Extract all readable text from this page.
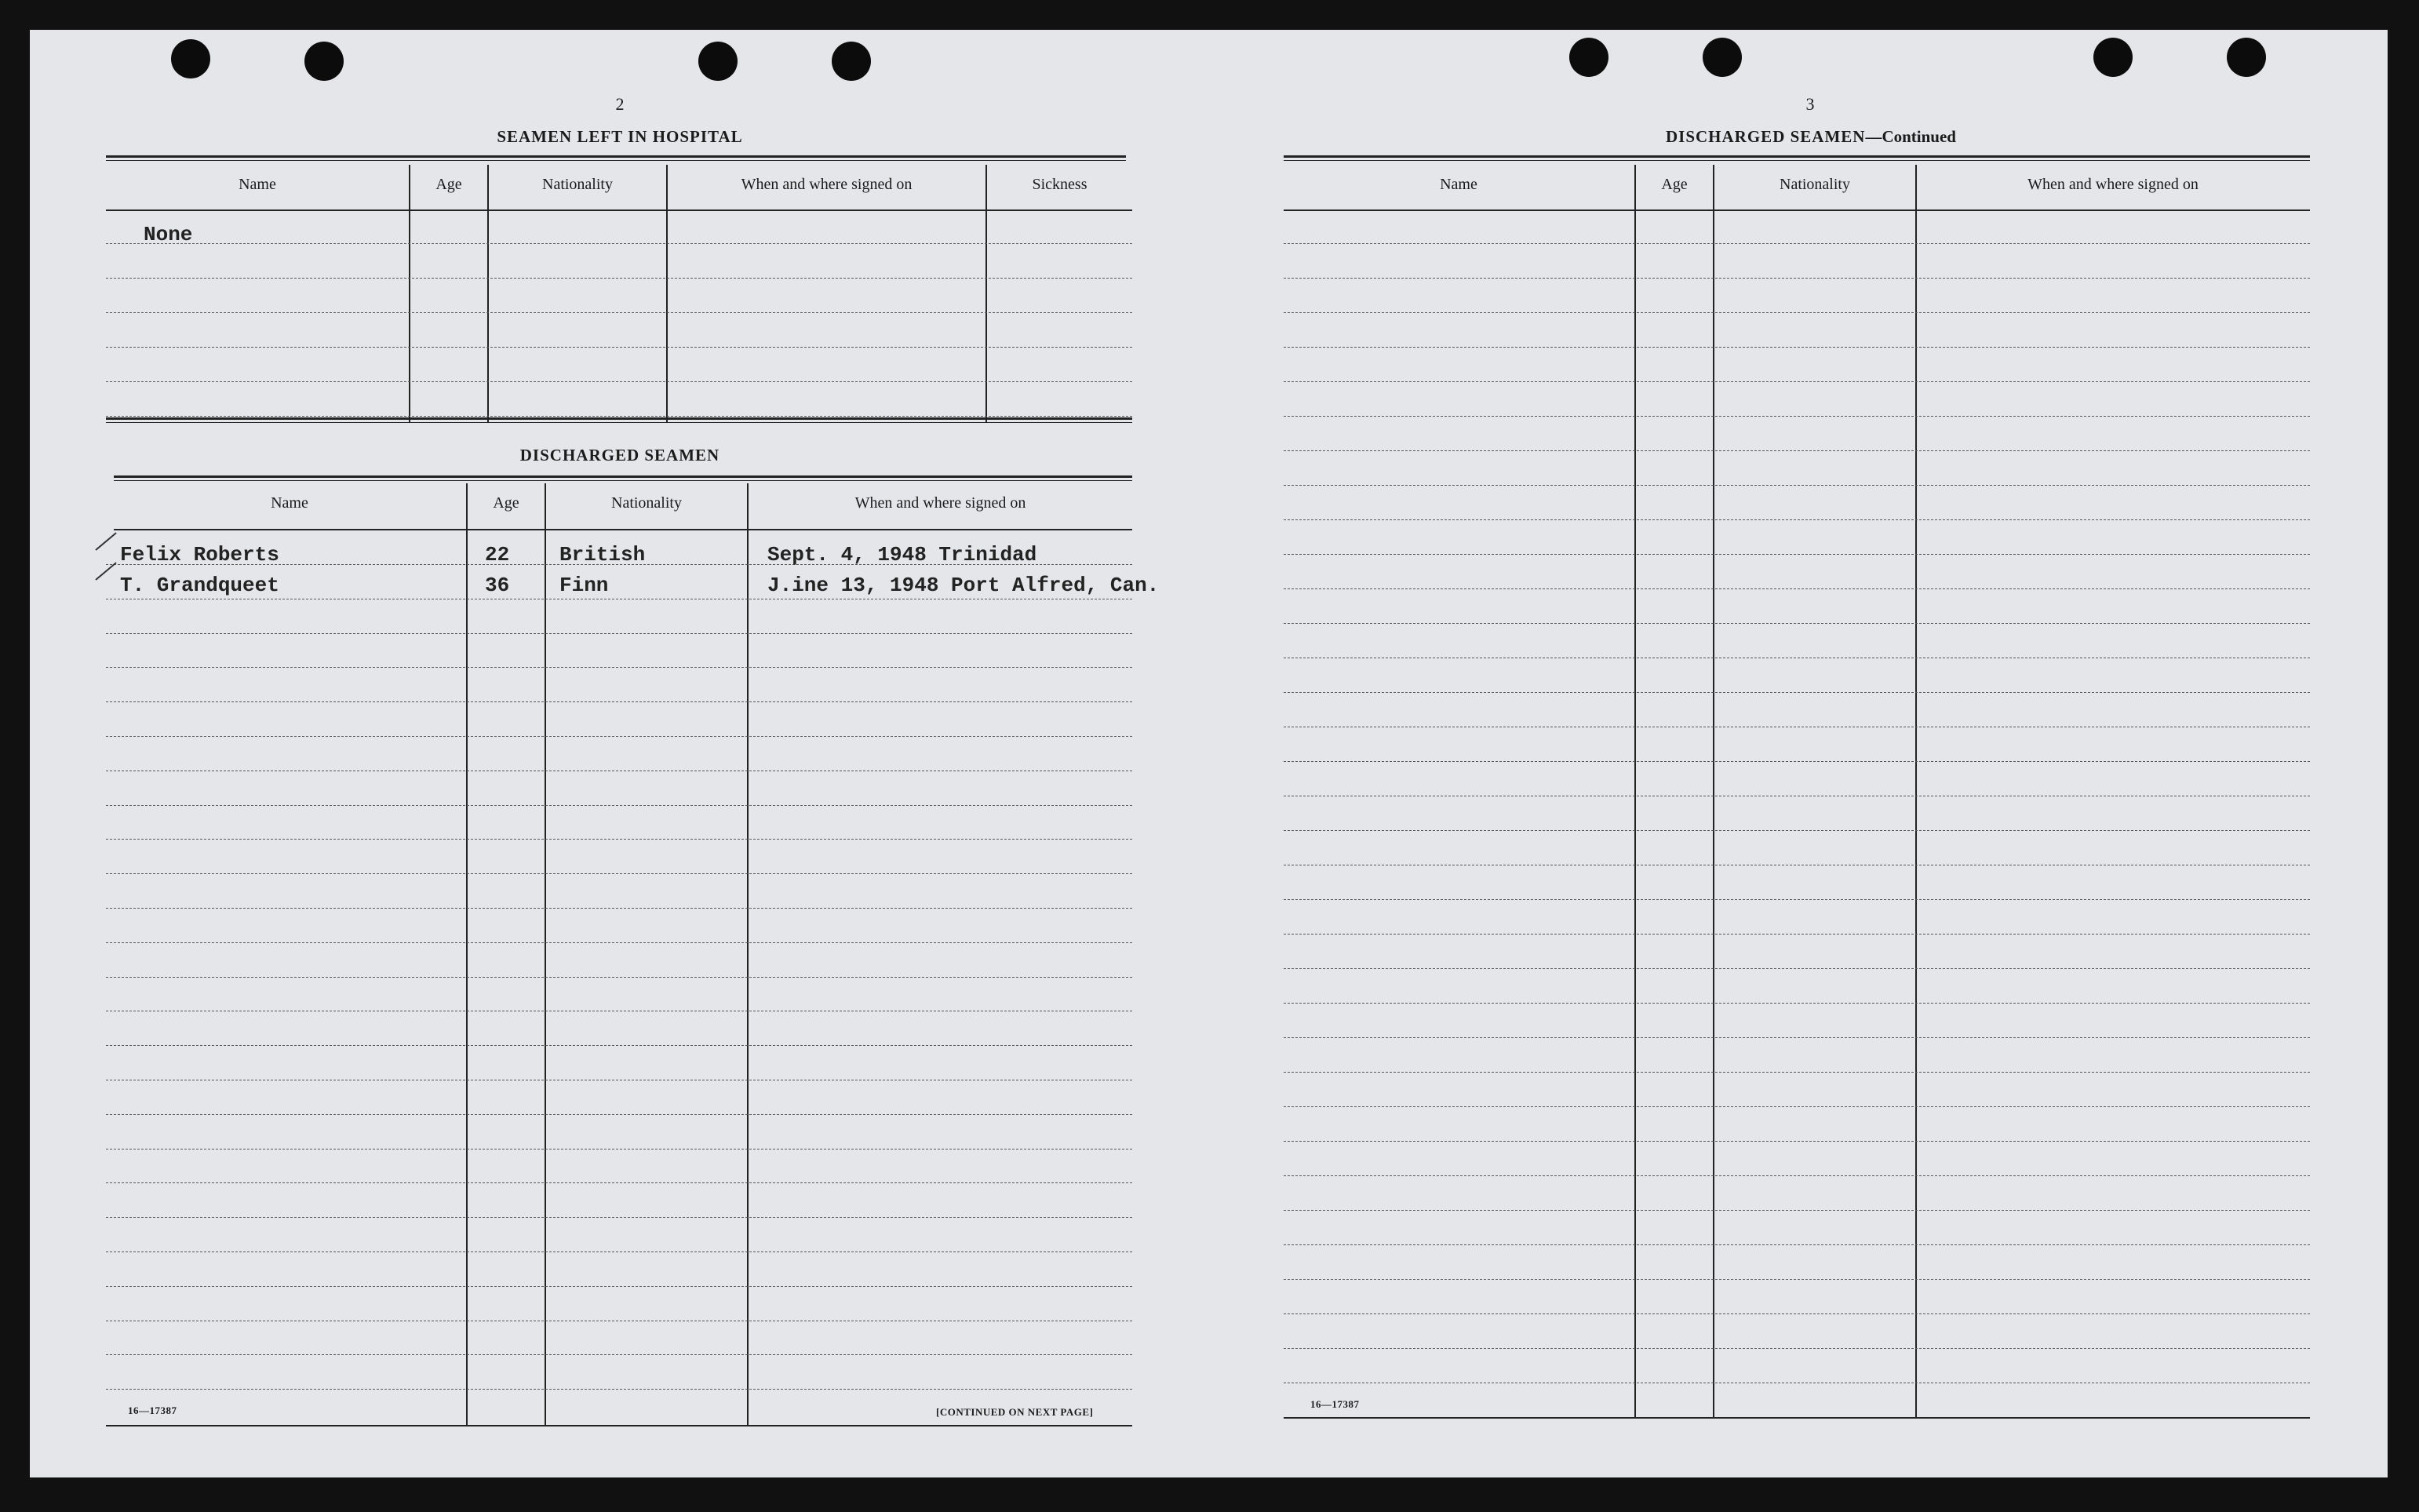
2
SEAMEN LEFT IN HOSPITAL
Name	Age	Nationality	When and where signed on	Sickness
None
DISCHARGED SEAMEN
Name	Age	Nationality	When and where signed on
Felix Roberts	22 British	Sept. 4, 1948 Trinidad
T. Grandqueet	36 Finn	J.ine 13, 1948 Port Alfred, Can.
16—17387	[CONTINUED ON NEXT PAGE]
3
DISCHARGED SEAMEN—Continued
Name	Age	Nationality	When and where signed on
16—17387
